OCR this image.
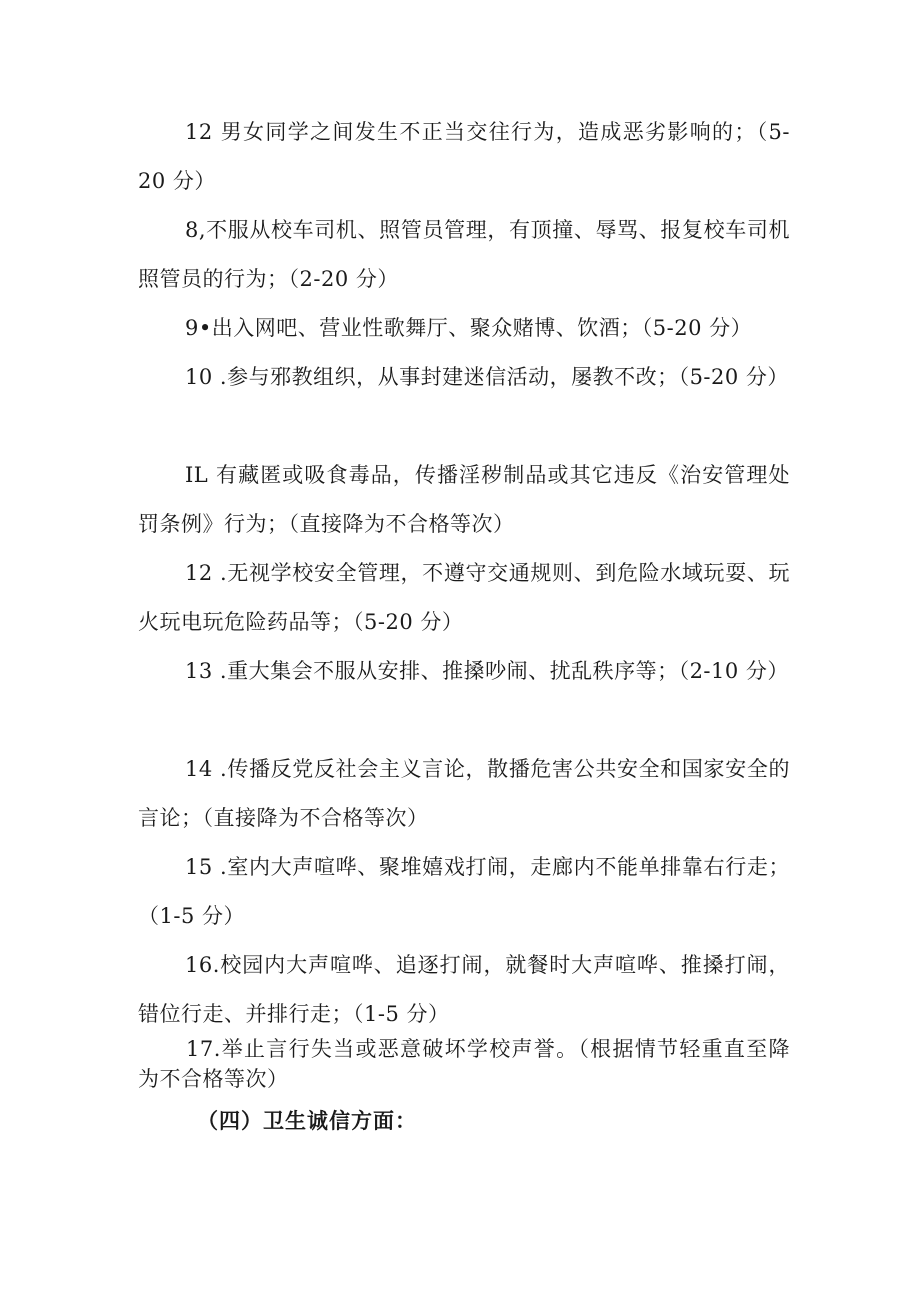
12 男女同学之间发生不正当交往行为，造成恶劣影响的；（5-20 分）

8,不服从校车司机、照管员管理，有顶撞、辱骂、报复校车司机照管员的行为；（2-20 分）

9•出入网吧、营业性歌舞厅、聚众赌博、饮酒；（5-20 分）

10 .参与邪教组织，从事封建迷信活动，屡教不改；（5-20 分）

IL 有藏匿或吸食毒品，传播淫秽制品或其它违反《治安管理处罚条例》行为；（直接降为不合格等次）

12 .无视学校安全管理，不遵守交通规则、到危险水域玩耍、玩火玩电玩危险药品等；（5-20 分）

13 .重大集会不服从安排、推搡吵闹、扰乱秩序等；（2-10 分）

14 .传播反党反社会主义言论，散播危害公共安全和国家安全的言论；（直接降为不合格等次）

15 .室内大声喧哗、聚堆嬉戏打闹，走廊内不能单排靠右行走；（1-5 分）

16.校园内大声喧哗、追逐打闹，就餐时大声喧哗、推搡打闹，错位行走、并排行走；（1-5 分）

17.举止言行失当或恶意破坏学校声誉。（根据情节轻重直至降为不合格等次）

（四）卫生诚信方面：
